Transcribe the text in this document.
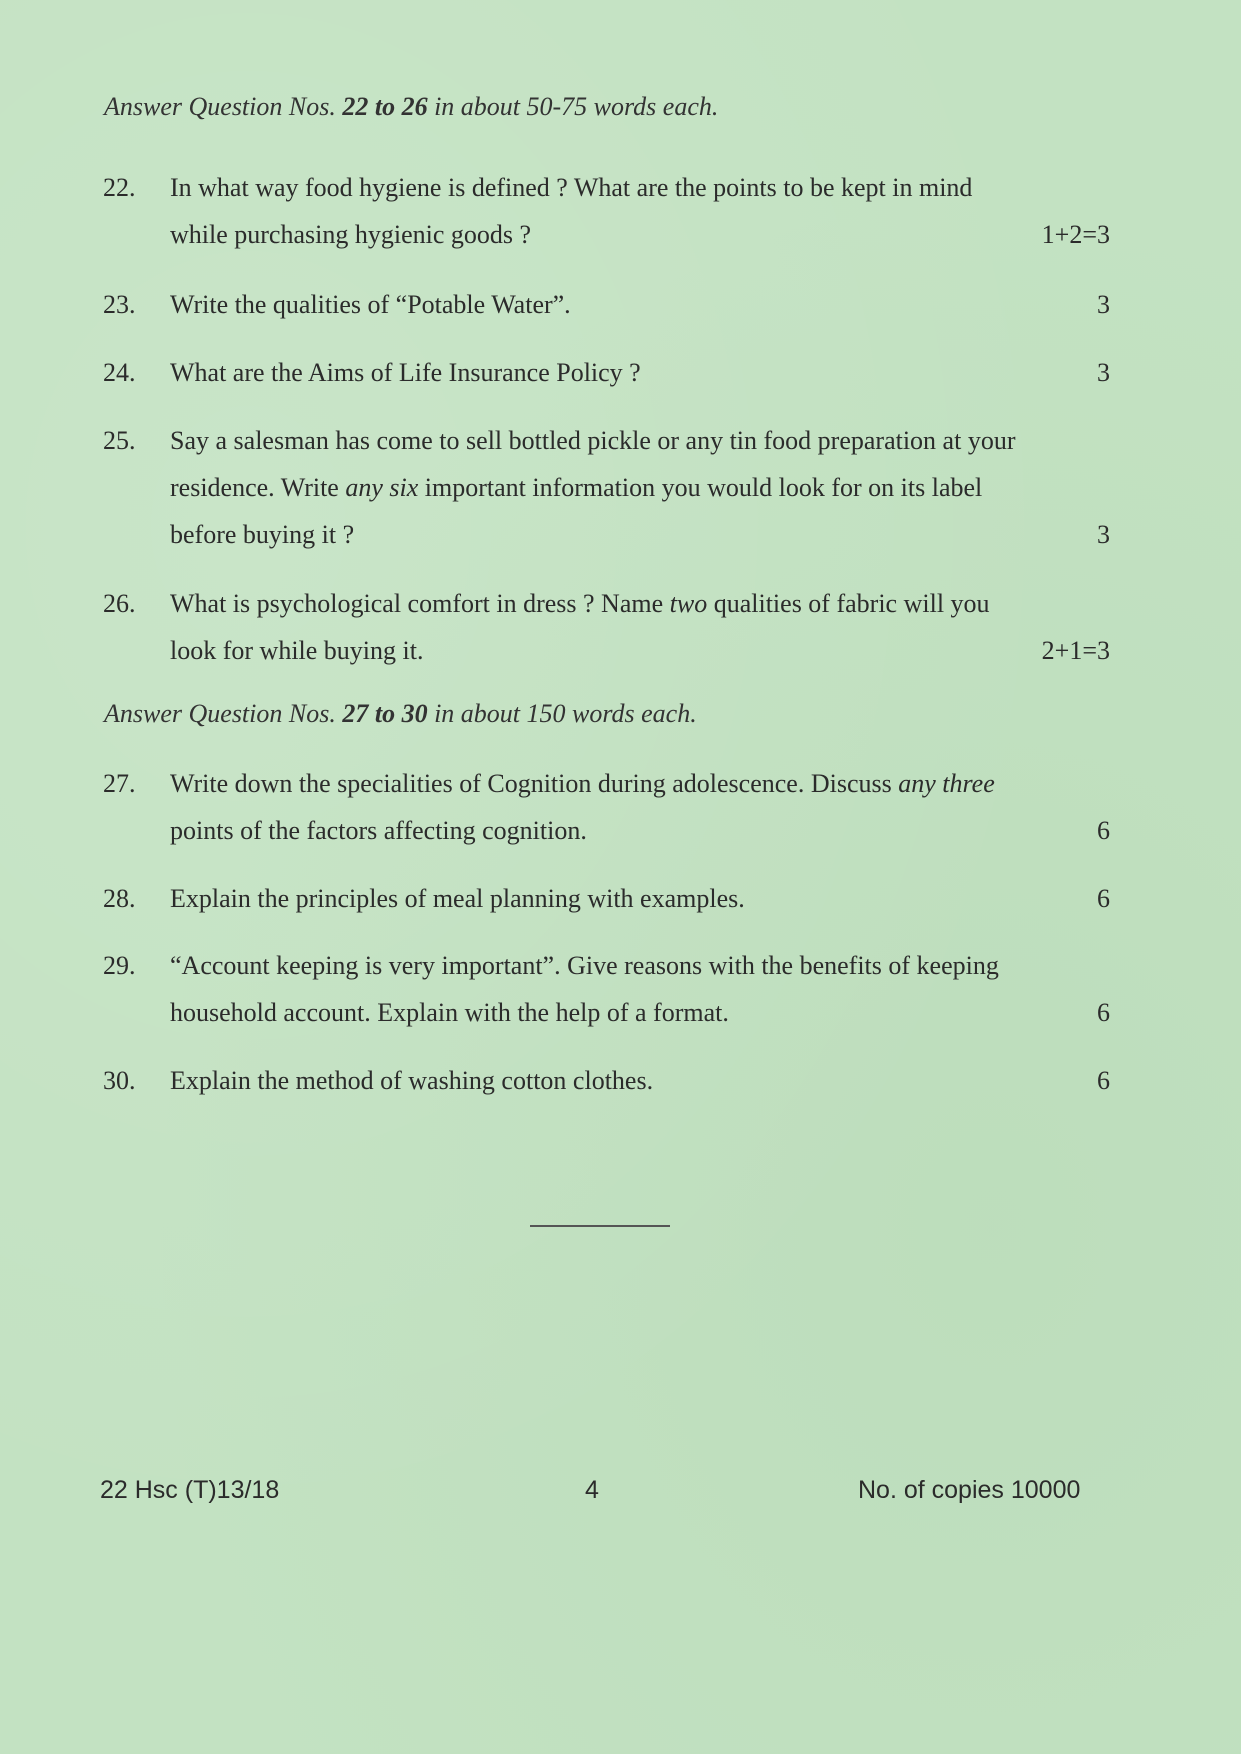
Answer Question Nos. 22 to 26 in about 50-75 words each.
22.	In what way food hygiene is defined ? What are the points to be kept in mind
while purchasing hygienic goods ?	1+2=3
23.	Write the qualities of “Potable Water”.	3
24.	What are the Aims of Life Insurance Policy ?	3
25.	Say a salesman has come to sell bottled pickle or any tin food preparation at your
residence. Write any six important information you would look for on its label
before buying it ?	3
26.	What is psychological comfort in dress ? Name two qualities of fabric will you
look for while buying it.	2+1=3
Answer Question Nos. 27 to 30 in about 150 words each.
27.	Write down the specialities of Cognition during adolescence. Discuss any three
points of the factors affecting cognition.	6
28.	Explain the principles of meal planning with examples.	6
29.	“Account keeping is very important”. Give reasons with the benefits of keeping
household account. Explain with the help of a format.	6
30.	Explain the method of washing cotton clothes.	6
22 Hsc (T)13/18	4	No. of copies 10000
